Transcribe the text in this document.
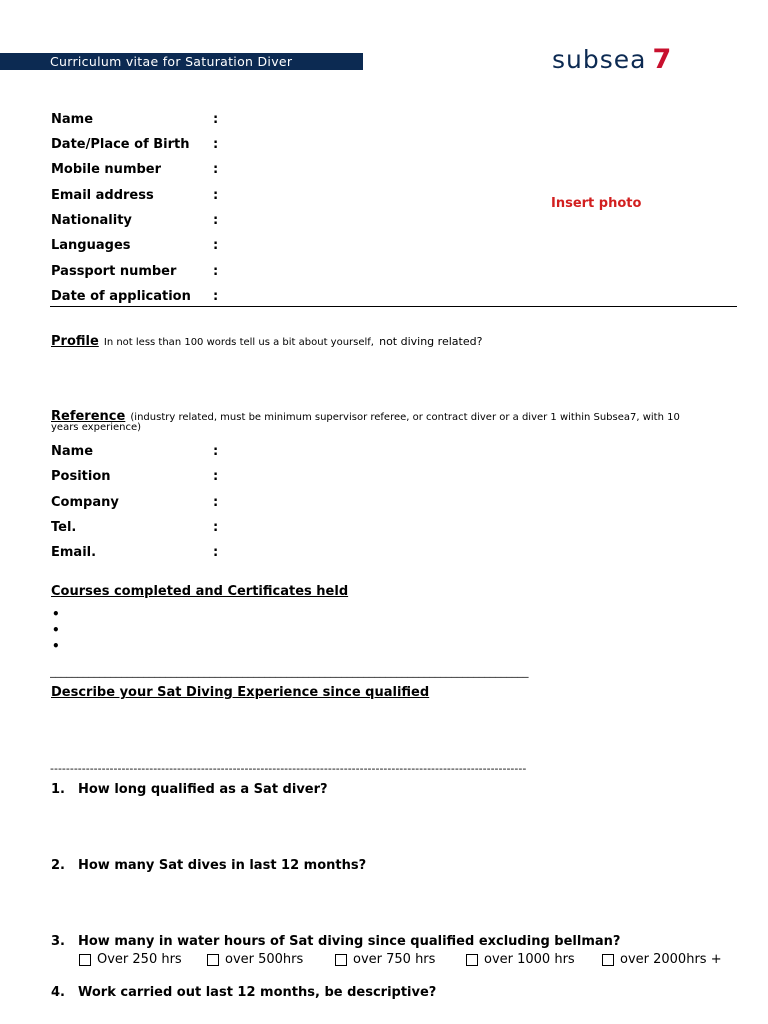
Curriculum vitae for Saturation Diver	subsea 7
Name	:
Date/Place of Birth :
Mobile number	:
Email address	:
Nationality	:
Languages	:
Passport number	:
Date of application :
Insert photo
Profile In not less than 100 words tell us a bit about yourself, not diving related?
Reference (industry related, must be minimum supervisor referee, or contract diver or a diver 1 within Subsea7, with 10
years experience)
Name	:
Position	:
Company	:
Tel.	:
Email.	:
Courses completed and Certificates held
•
•
•
_______________________________________________________________________________________
Describe your Sat Diving Experience since qualified
------------------------------------------------------------------------------------------------------------------------
1. How long qualified as a Sat diver?
2. How many Sat dives in last 12 months?
3. How many in water hours of Sat diving since qualified excluding bellman?
Over 250 hrs	over 500hrs	over 750 hrs	over 1000 hrs	over 2000hrs +
4. Work carried out last 12 months, be descriptive?
